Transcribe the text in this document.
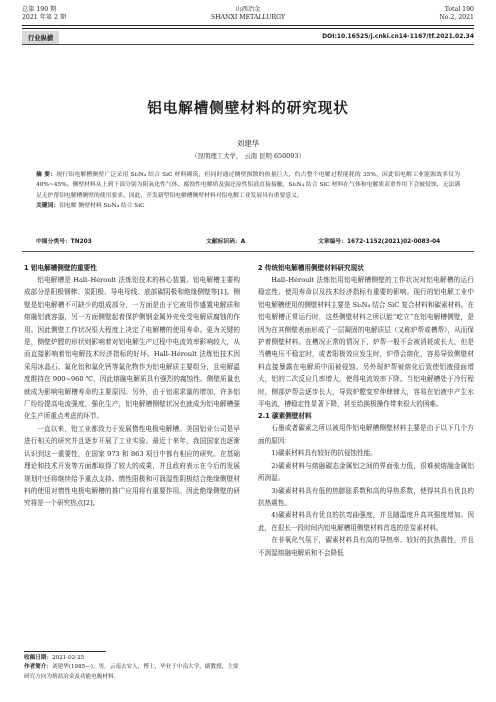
总第 190 期
2021 年第 2 期
山西冶金
SHANXI METALLURGY
Total 190
No.2, 2021
行业纵横	DOI:10.16525/j.cnki.cn14-1167/tf.2021.02.34
铝电解槽侧壁材料的研究现状
刘建华
（昆明理工大学， 云南 昆明 650093）
摘 要：现行铝电解槽侧壁广泛采用 Si₃N₄ 结合 SiC 材料砌筑，但同时通过侧壁损散的热量巨大，约占整个电解过程能耗的 35%，因此铝电解工业能源效率仅为 40%~45%。侧壁材料从上到下部分别为阳氧化性气体、腐蚀性电解质及强还原性铝液直接接触，Si₃N₄ 结合 SiC 材料在气体和电解质双重作用下会被侵蚀，无法满足无炉帮铝电解槽侧壁的使用要求。因此，开发新型铝电解槽侧壁材料对铝电解工业发展具有重要意义。
关键词：铝电解 侧壁材料 Si₃N₄ 结合 SiC
中图分类号：TN203	文献标识码：A	文章编号：1672-1152(2021)02-0083-04
1 铝电解槽侧壁的重要性

铝电解槽是 Hall–Héroult 法炼铝技术的核心装置。铝电解槽主要构成部分是阳极钢棒、炭阳极、导电母线、底部碳阴极和绝缘侧壁等[1]。侧壁是铝电解槽不可缺少的组成部分，一方面是由于它被用作盛置电解质和熔融铝液容器，另一方面侧壁起着保护侧钢金属外壳免受电解质腐蚀的作用。因此侧壁工作状况很大程度上决定了电解槽的使用寿命。更为关键的是，侧壁炉膛的形状则影响着对铝电解生产过程中电流效率影响较大，从而直接影响着铝电解技术经济指标的好坏。Hall–Héroult 法炼铝技术因采用冰晶石、氟化铝和氟化钙等氟化物作为铝电解质主要组分，且电解温度维持在 900~960 ℃，因此熔融电解质具有强烈的腐蚀性。侧壁质量也就成为影响电解槽寿命的主要原因。另外，由于铝需求量的增加，许多铝厂纷纷提高电流强度，强化生产，铝电解槽侧壁状况也就成为铝电解槽强化生产所重点考虑的环节。

一直以来，铝工业都致力于发展惰性电极电解槽。美国铝业公司是早进行相关的研究并且逐步开展了工业实验。最近十来年，我国国家也逐渐认识到这一重要性，在国家 973 和 863 项目中都有相应的研究。在基础理论和技术开发等方面都取得了较大的成果，并且政府表示在今后的发展规划中还将继续给予重点支持。惰性阳极和可润湿性阴极结合绝缘侧壁材料的使用对惰性电极电解槽的推广应用将有重要作用。因此绝缘侧壁的研究将是一个研究热点[2]。

2 传统铝电解槽用侧壁材料研究现状

Hall–Héroult 法炼铝用铝电解槽侧壁的工作状况对铝电解槽的运行稳定性、使用寿命以及技术经济指标有重要的影响。现行的铝电解工业中铝电解槽使用的侧壁材料主要是 Si₃N₄ 结合 SiC 复合材料和碳素材料。在铝电解槽正常运行时，这些侧壁材料之所以能“屹立”在铝电解槽侧壁，是因为在其侧壁表面形成了一层凝固的电解质层（又称炉帮或槽帮），从而保护着侧壁材料。在槽况正常的情况下，炉帮一般不会被消耗或长大，但是当槽电压不稳定时，或者阳极效应发生时，炉帮会熔化，容易导致侧壁材料直接暴露在电解质中而被侵蚀。另外现炉帮被熔化后致使铝液侵面增大，铝的二次反应几率增大，使得电流效率下降。当铝电解槽处于冷行程时，侧部炉帮会逐步长大，导致炉膛变窄伸肆肆大，容易在铝液中产生水平电流，槽稳定性显著下降，甚至给换极操作带来很大的困难。

2.1 碳素侧壁材料

石墨或者碳素之所以被用作铝电解槽侧壁材料主要是由于以下几个方面的原因：

1)碳素材料具有较好的抗侵蚀性能。

2)碳素材料与熔融碳态金属铝之间的界面张力低，很难被熔融金属铝所润湿。

3)碳素材料具有低的热膨胀系数和高的导热系数，使得其具有优良的抗热震性。

4)碳素材料具有优良的抗弯曲强度，并且随温度升高其强度增加。因此，在很长一段时间内铝电解槽用侧壁材料首选的是炭素材料。

在非氧化气氛下，碳素材料具有高的导热率、较好的抗热震性，并且不润湿熔融电解质和不会降低

收稿日期：2021-02-25
作者简介：刘建华(1985—)，男，云南去安人，博士，毕业于中南大学，副教授，主要研究方向为熔盐冶金及功能电极材料。
